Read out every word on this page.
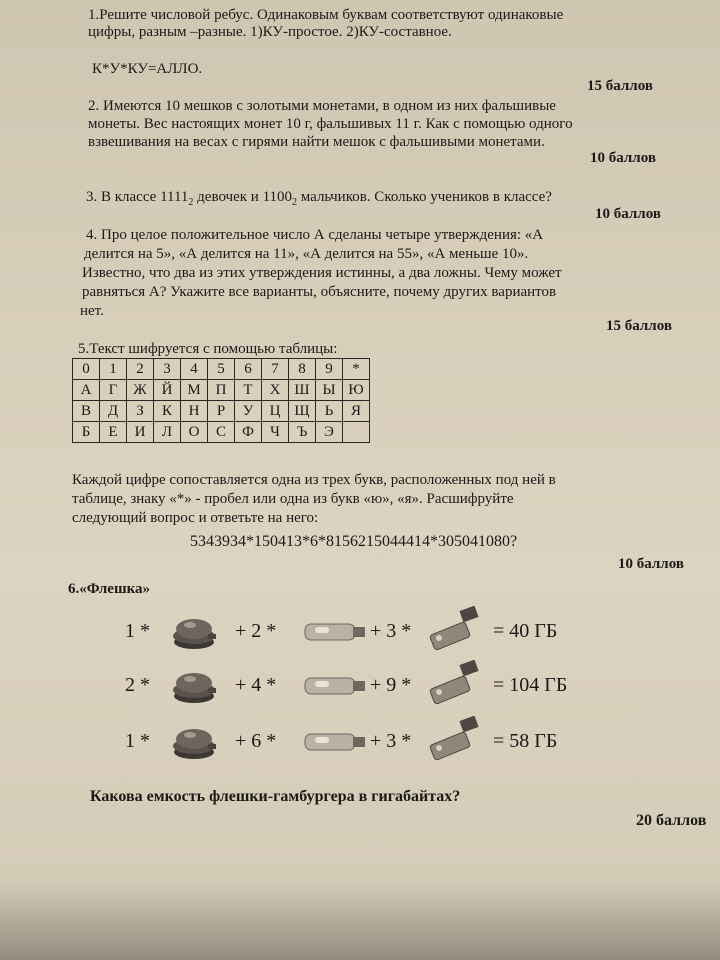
1.Решите числовой ребус. Одинаковым буквам соответствуют одинаковые
цифры, разным –разные. 1)КУ-простое. 2)КУ-составное.
К*У*КУ=АЛЛО.
15 баллов
2. Имеются 10 мешков с золотыми монетами, в одном из них фальшивые
монеты. Вес настоящих монет 10 г, фальшивых 11 г. Как с помощью одного
взвешивания на весах с гирями найти мешок с фальшивыми монетами.
10 баллов
3. В классе $1111_2$ девочек и $1100_2$ мальчиков. Сколько учеников в классе?
10 баллов
4. Про целое положительное число А сделаны четыре утверждения: «А
делится на 5», «А делится на 11», «А делится на 55», «А меньше 10».
Известно, что два из этих утверждения истинны, а два ложны. Чему может
равняться А? Укажите все варианты, объясните, почему других вариантов
нет.
15 баллов
5.Текст шифруется с помощью таблицы:
0	1	2	3	4	5	6	7	8	9	*
А	Г	Ж	Й	М	П	Т	Х	Ш	Ы	Ю
В	Д	З	К	Н	Р	У	Ц	Щ	Ь	Я
Б	Е	И	Л	О	С	Ф	Ч	Ъ	Э	
Каждой цифре сопоставляется одна из трех букв, расположенных под ней в
таблице, знаку «*» - пробел или одна из букв «ю», «я». Расшифруйте
следующий вопрос и ответьте на него:
5343934*150413*6*8156215044414*305041080?
10 баллов
6.«Флешка»
1 *	+ 2 *	+ 3 *	= 40 ГБ
2 *	+ 4 *	+ 9 *	= 104 ГБ
1 *	+ 6 *	+ 3 *	= 58 ГБ
Какова емкость флешки-гамбургера в гигабайтах?
20 баллов
